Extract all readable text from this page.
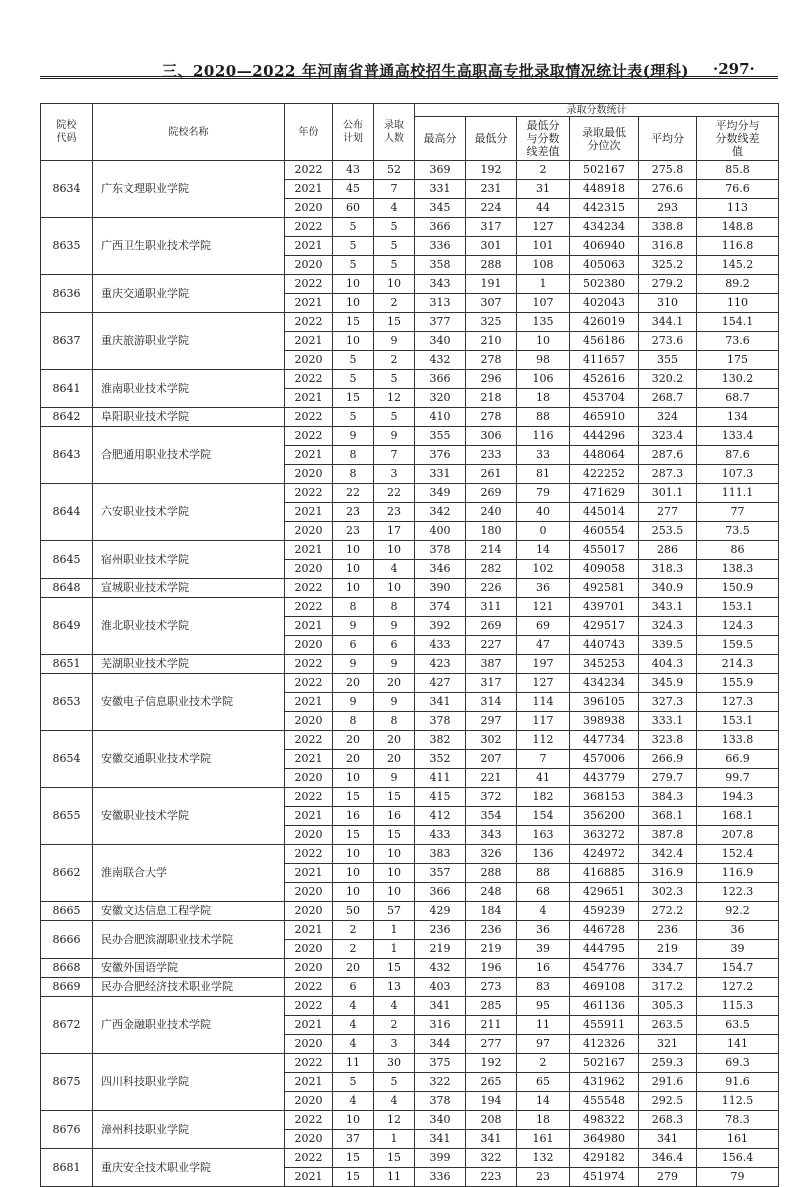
三、2020—2022 年河南省普通高校招生高职高专批录取情况统计表(理科) ·297·
院校代码	院校名称	年份	公布计划	录取人数	录取分数统计					
					最高分	最低分	最低分与分数线差值	录取最低分位次	平均分	平均分与分数线差值
8634	广东文理职业学院	2022	43	52	369	192	2	502167	275.8	85.8
		2021	45	7	331	231	31	448918	276.6	76.6
		2020	60	4	345	224	44	442315	293	113
8635	广西卫生职业技术学院	2022	5	5	366	317	127	434234	338.8	148.8
		2021	5	5	336	301	101	406940	316.8	116.8
		2020	5	5	358	288	108	405063	325.2	145.2
8636	重庆交通职业学院	2022	10	10	343	191	1	502380	279.2	89.2
		2021	10	2	313	307	107	402043	310	110
8637	重庆旅游职业学院	2022	15	15	377	325	135	426019	344.1	154.1
		2021	10	9	340	210	10	456186	273.6	73.6
		2020	5	2	432	278	98	411657	355	175
8641	淮南职业技术学院	2022	5	5	366	296	106	452616	320.2	130.2
		2021	15	12	320	218	18	453704	268.7	68.7
8642	阜阳职业技术学院	2022	5	5	410	278	88	465910	324	134
8643	合肥通用职业技术学院	2022	9	9	355	306	116	444296	323.4	133.4
		2021	8	7	376	233	33	448064	287.6	87.6
		2020	8	3	331	261	81	422252	287.3	107.3
8644	六安职业技术学院	2022	22	22	349	269	79	471629	301.1	111.1
		2021	23	23	342	240	40	445014	277	77
		2020	23	17	400	180	0	460554	253.5	73.5
8645	宿州职业技术学院	2021	10	10	378	214	14	455017	286	86
		2020	10	4	346	282	102	409058	318.3	138.3
8648	宣城职业技术学院	2022	10	10	390	226	36	492581	340.9	150.9
8649	淮北职业技术学院	2022	8	8	374	311	121	439701	343.1	153.1
		2021	9	9	392	269	69	429517	324.3	124.3
		2020	6	6	433	227	47	440743	339.5	159.5
8651	芜湖职业技术学院	2022	9	9	423	387	197	345253	404.3	214.3
8653	安徽电子信息职业技术学院	2022	20	20	427	317	127	434234	345.9	155.9
		2021	9	9	341	314	114	396105	327.3	127.3
		2020	8	8	378	297	117	398938	333.1	153.1
8654	安徽交通职业技术学院	2022	20	20	382	302	112	447734	323.8	133.8
		2021	20	20	352	207	7	457006	266.9	66.9
		2020	10	9	411	221	41	443779	279.7	99.7
8655	安徽职业技术学院	2022	15	15	415	372	182	368153	384.3	194.3
		2021	16	16	412	354	154	356200	368.1	168.1
		2020	15	15	433	343	163	363272	387.8	207.8
8662	淮南联合大学	2022	10	10	383	326	136	424972	342.4	152.4
		2021	10	10	357	288	88	416885	316.9	116.9
		2020	10	10	366	248	68	429651	302.3	122.3
8665	安徽文达信息工程学院	2020	50	57	429	184	4	459239	272.2	92.2
8666	民办合肥滨湖职业技术学院	2021	2	1	236	236	36	446728	236	36
		2020	2	1	219	219	39	444795	219	39
8668	安徽外国语学院	2020	20	15	432	196	16	454776	334.7	154.7
8669	民办合肥经济技术职业学院	2022	6	13	403	273	83	469108	317.2	127.2
8672	广西金融职业技术学院	2022	4	4	341	285	95	461136	305.3	115.3
		2021	4	2	316	211	11	455911	263.5	63.5
		2020	4	3	344	277	97	412326	321	141
8675	四川科技职业学院	2022	11	30	375	192	2	502167	259.3	69.3
		2021	5	5	322	265	65	431962	291.6	91.6
		2020	4	4	378	194	14	455548	292.5	112.5
8676	漳州科技职业学院	2022	10	12	340	208	18	498322	268.3	78.3
		2020	37	1	341	341	161	364980	341	161
8681	重庆安全技术职业学院	2022	15	15	399	322	132	429182	346.4	156.4
		2021	15	11	336	223	23	451974	279	79
